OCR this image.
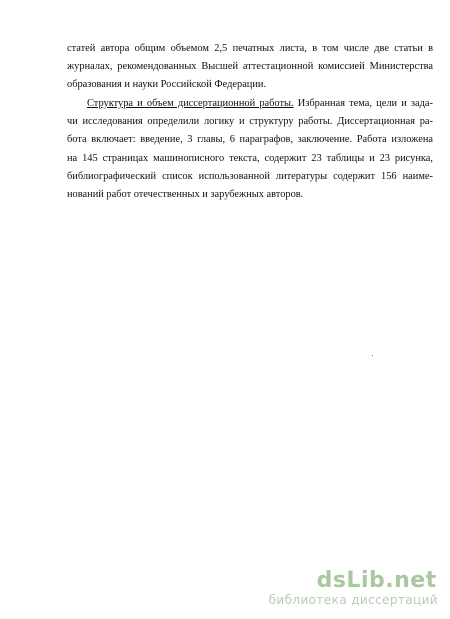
статей автора общим объемом 2,5 печатных листа, в том числе две статьи в
журналах, рекомендованных Высшей аттестационной комиссией Министерства
образования и науки Российской Федерации.
Структура и объем диссертационной работы. Избранная тема, цели и зада-
чи исследования определили логику и структуру работы. Диссертационная ра-
бота включает: введение, 3 главы, 6 параграфов, заключение. Работа изложена
на 145 страницах машинописного текста, содержит 23 таблицы и 23 рисунка,
библиографический список использованной литературы содержит 156 наиме-
нований работ отечественных и зарубежных авторов.
dsLib.net
библиотека диссертаций
